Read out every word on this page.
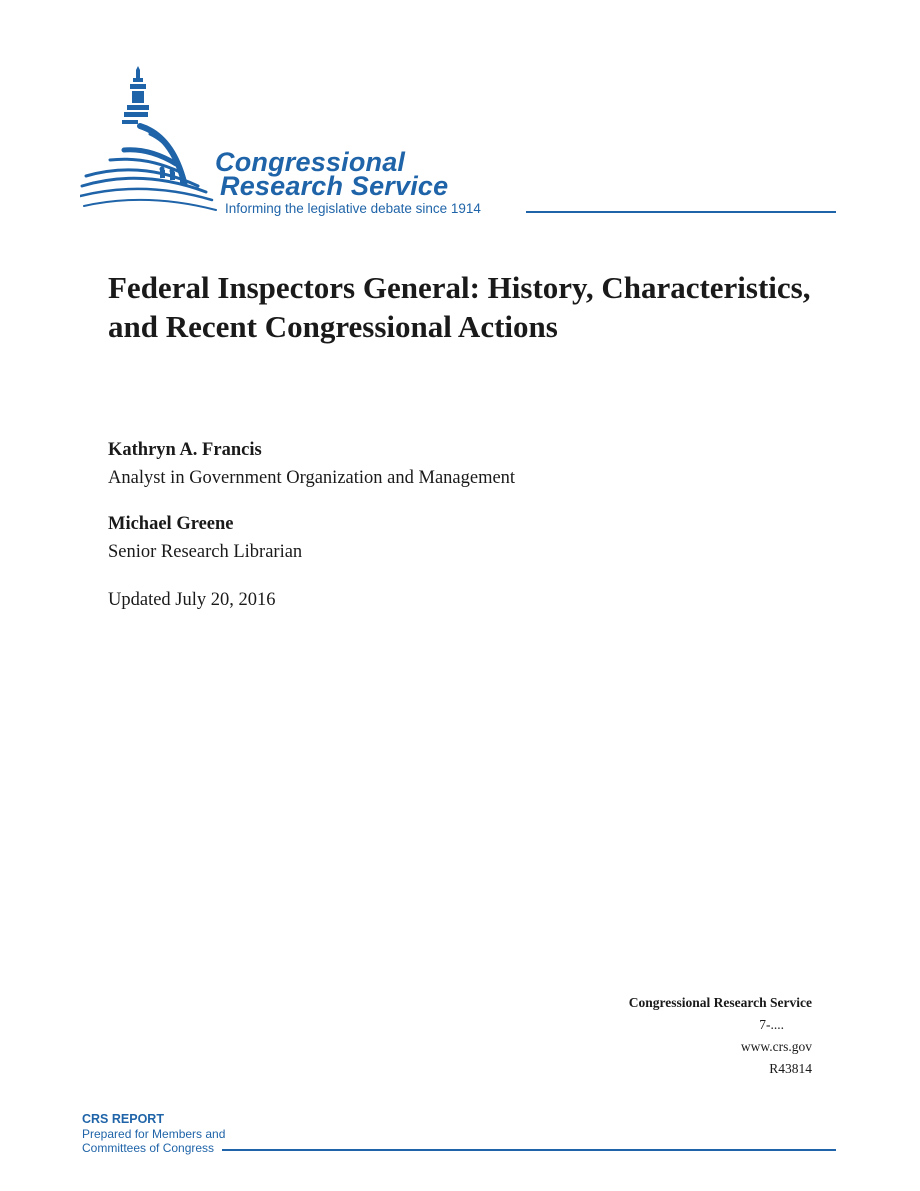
Congressional
Research Service
Informing the legislative debate since 1914
Federal Inspectors General: History, Characteristics, and Recent Congressional Actions
Kathryn A. Francis
Analyst in Government Organization and Management
Michael Greene
Senior Research Librarian
Updated July 20, 2016
Congressional Research Service
7-....
www.crs.gov
R43814
CRS REPORT
Prepared for Members and
Committees of Congress
